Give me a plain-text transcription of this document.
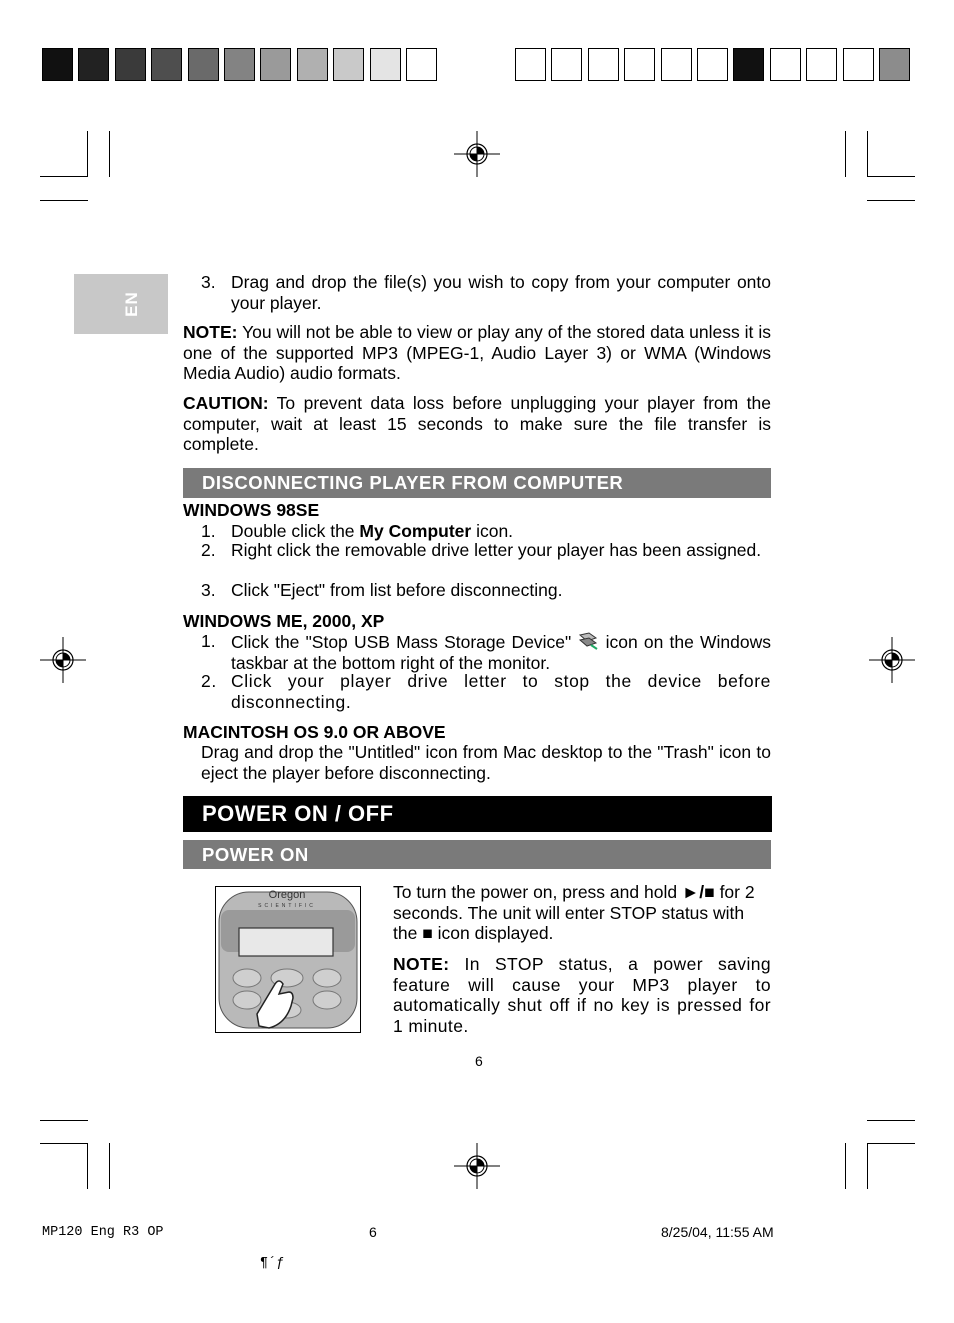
EN
3. Drag and drop the file(s) you wish to copy from your computer onto your player.
NOTE: You will not be able to view or play any of the stored data unless it is one of the supported MP3 (MPEG-1, Audio Layer 3) or WMA (Windows Media Audio) audio formats.
CAUTION: To prevent data loss before unplugging your player from the computer, wait at least 15 seconds to make sure the file transfer is complete.
DISCONNECTING PLAYER FROM COMPUTER
WINDOWS 98SE
1. Double click the My Computer icon.
2. Right click the removable drive letter your player has been assigned.
3. Click "Eject" from list before disconnecting.
WINDOWS ME, 2000, XP
1. Click the "Stop USB Mass Storage Device"  icon on the Windows taskbar at the bottom right of the monitor.
2. Click your player drive letter to stop the device before disconnecting.
MACINTOSH OS 9.0 OR ABOVE
Drag and drop the "Untitled" icon from Mac desktop to the "Trash" icon to eject the player before disconnecting.
POWER ON / OFF
POWER ON
Oregon
SCIENTIFIC
To turn the power on, press and hold ►/■ for 2 seconds. The unit will enter STOP status with the ■ icon displayed.
NOTE: In STOP status, a power saving feature will cause your MP3 player to automatically shut off if no key is pressed for 1 minute.
6
MP120 Eng R3 OP	6	8/25/04, 11:55 AM
¶´ƒ
